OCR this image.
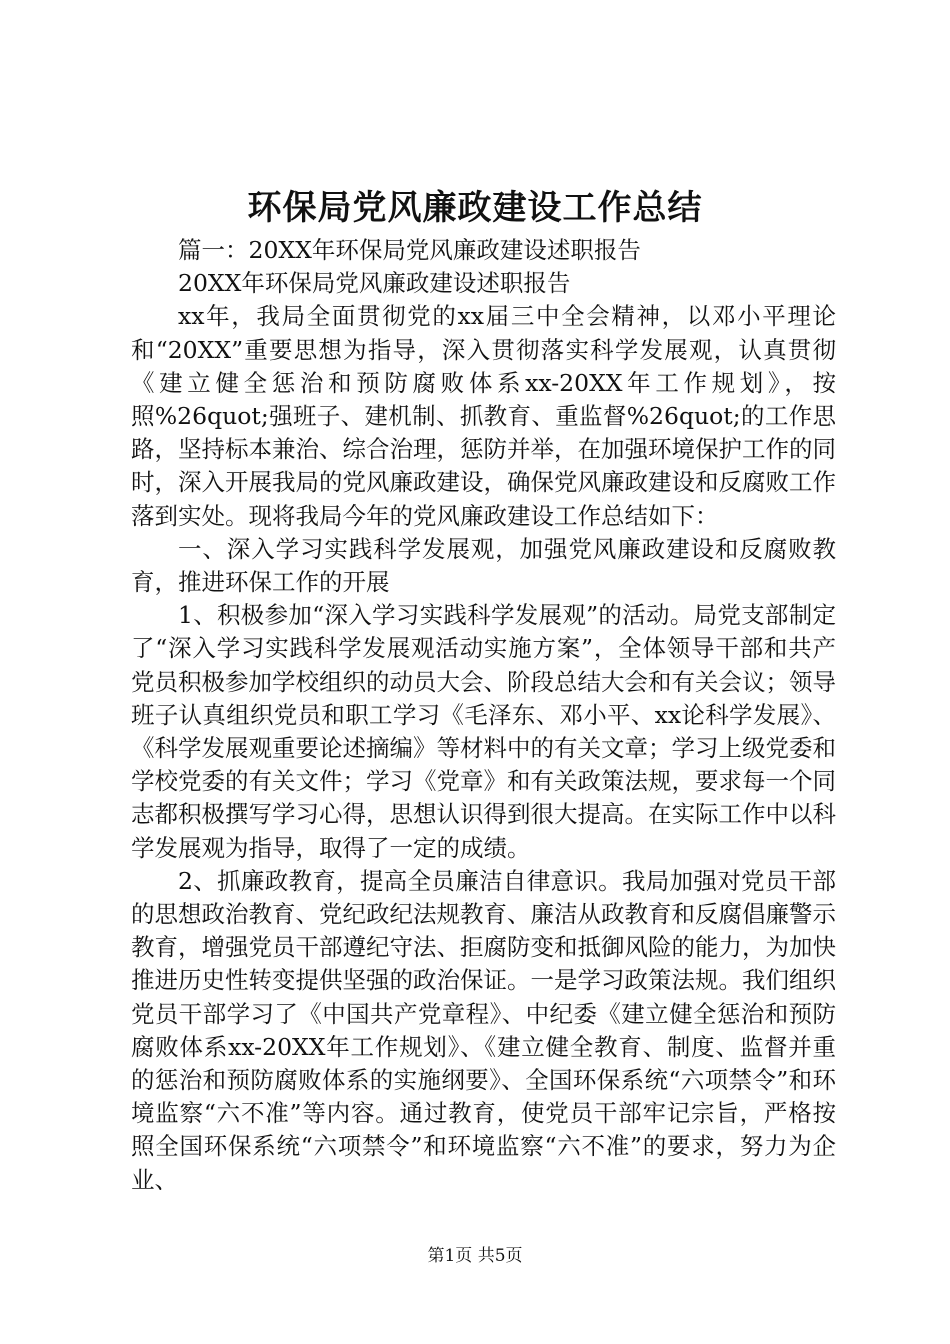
环保局党风廉政建设工作总结

篇一：20XX年环保局党风廉政建设述职报告

20XX年环保局党风廉政建设述职报告

xx年，我局全面贯彻党的xx届三中全会精神，以邓小平理论和“20XX”重要思想为指导，深入贯彻落实科学发展观，认真贯彻《建立健全惩治和预防腐败体系xx-20XX年工作规划》，按照%26quot;强班子、建机制、抓教育、重监督%26quot;的工作思路，坚持标本兼治、综合治理，惩防并举，在加强环境保护工作的同时，深入开展我局的党风廉政建设，确保党风廉政建设和反腐败工作落到实处。现将我局今年的党风廉政建设工作总结如下：

一、深入学习实践科学发展观，加强党风廉政建设和反腐败教育，推进环保工作的开展

1、积极参加“深入学习实践科学发展观”的活动。局党支部制定了“深入学习实践科学发展观活动实施方案”，全体领导干部和共产党员积极参加学校组织的动员大会、阶段总结大会和有关会议；领导班子认真组织党员和职工学习《毛泽东、邓小平、xx论科学发展》、《科学发展观重要论述摘编》等材料中的有关文章；学习上级党委和学校党委的有关文件；学习《党章》和有关政策法规，要求每一个同志都积极撰写学习心得，思想认识得到很大提高。在实际工作中以科学发展观为指导，取得了一定的成绩。

2、抓廉政教育，提高全员廉洁自律意识。我局加强对党员干部的思想政治教育、党纪政纪法规教育、廉洁从政教育和反腐倡廉警示教育，增强党员干部遵纪守法、拒腐防变和抵御风险的能力，为加快推进历史性转变提供坚强的政治保证。一是学习政策法规。我们组织党员干部学习了《中国共产党章程》、中纪委《建立健全惩治和预防腐败体系xx-20XX年工作规划》、《建立健全教育、制度、监督并重的惩治和预防腐败体系的实施纲要》、全国环保系统“六项禁令”和环境监察“六不准”等内容。通过教育，使党员干部牢记宗旨，严格按照全国环保系统“六项禁令”和环境监察“六不准”的要求，努力为企业、

第1页 共5页
